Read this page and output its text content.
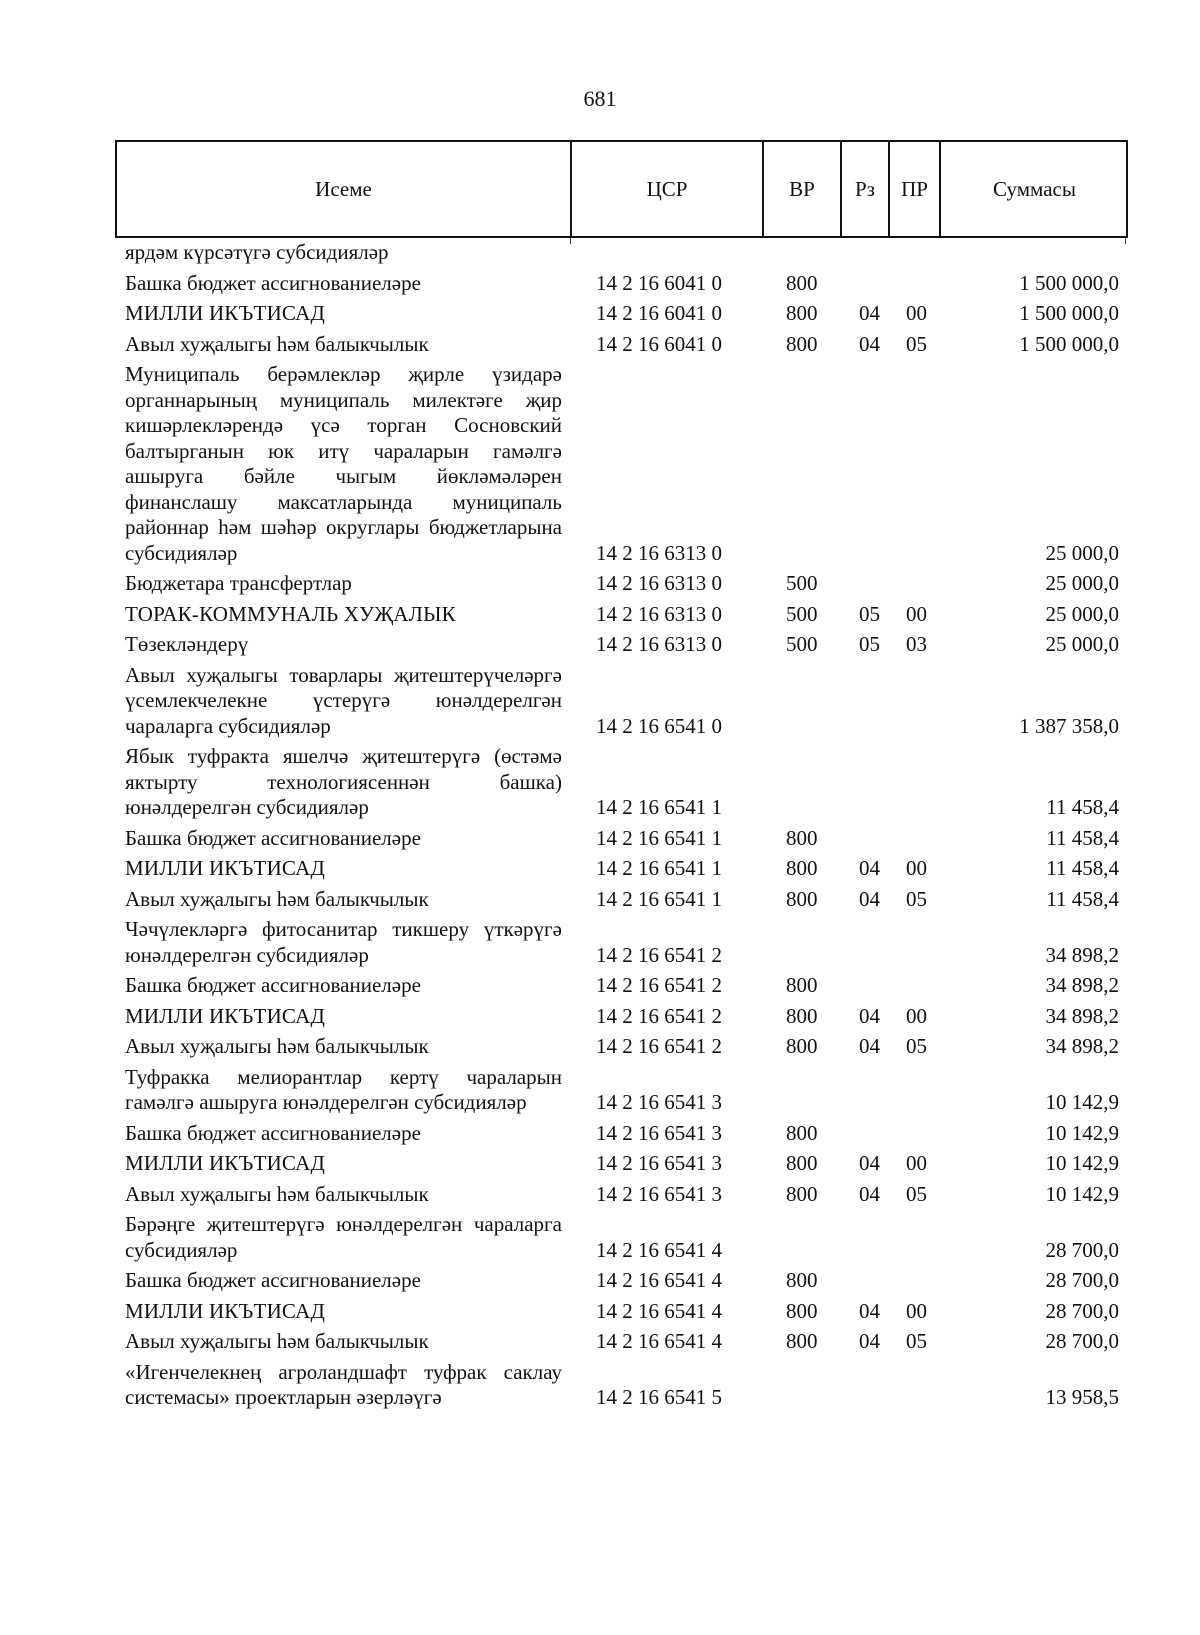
681
Исеме	ЦСР	ВР	Рз	ПР	Суммасы
ярдәм күрсәтүгә субсидияләр
Башка бюджет ассигнованиеләре	14 2 16 6041 0	800	1 500 000,0
МИЛЛИ ИКЪТИСАД	14 2 16 6041 0	800 04 00	1 500 000,0
Авыл хуҗалыгы һәм балыкчылык	14 2 16 6041 0	800 04 05	1 500 000,0
Муниципаль берәмлекләр җирле үзидарә органнарының муниципаль милектәге җир кишәрлекләрендә үсә торган Сосновский балтырганын юк итү чараларын гамәлгә ашыруга бәйле чыгым йөкләмәләрен финанслашу максатларында муниципаль районнар һәм шәһәр округлары бюджетларына субсидияләр	14 2 16 6313 0	25 000,0
Бюджетара трансфертлар	14 2 16 6313 0	500	25 000,0
ТОРАК-КОММУНАЛЬ ХУҖАЛЫК	14 2 16 6313 0	500 05 00	25 000,0
Төзекләндерү	14 2 16 6313 0	500 05 03	25 000,0
Авыл хуҗалыгы товарлары җитештерүчеләргә үсемлекчелекне үстерүгә юнәлдерелгән чараларга субсидияләр	14 2 16 6541 0	1 387 358,0
Ябык туфракта яшелчә җитештерүгә (өстәмә яктырту технологиясеннән башка) юнәлдерелгән субсидияләр	14 2 16 6541 1	11 458,4
Башка бюджет ассигнованиеләре	14 2 16 6541 1	800	11 458,4
МИЛЛИ ИКЪТИСАД	14 2 16 6541 1	800 04 00	11 458,4
Авыл хуҗалыгы һәм балыкчылык	14 2 16 6541 1	800 04 05	11 458,4
Чәчүлекләргә фитосанитар тикшеру үткәрүгә юнәлдерелгән субсидияләр	14 2 16 6541 2	34 898,2
Башка бюджет ассигнованиеләре	14 2 16 6541 2	800	34 898,2
МИЛЛИ ИКЪТИСАД	14 2 16 6541 2	800 04 00	34 898,2
Авыл хуҗалыгы һәм балыкчылык	14 2 16 6541 2	800 04 05	34 898,2
Туфракка мелиорантлар кертү чараларын гамәлгә ашыруга юнәлдерелгән субсидияләр	14 2 16 6541 3	10 142,9
Башка бюджет ассигнованиеләре	14 2 16 6541 3	800	10 142,9
МИЛЛИ ИКЪТИСАД	14 2 16 6541 3	800 04 00	10 142,9
Авыл хуҗалыгы һәм балыкчылык	14 2 16 6541 3	800 04 05	10 142,9
Бәрәңге җитештерүгә юнәлдерелгән чараларга субсидияләр	14 2 16 6541 4	28 700,0
Башка бюджет ассигнованиеләре	14 2 16 6541 4	800	28 700,0
МИЛЛИ ИКЪТИСАД	14 2 16 6541 4	800 04 00	28 700,0
Авыл хуҗалыгы һәм балыкчылык	14 2 16 6541 4	800 04 05	28 700,0
«Игенчелекнең агроландшафт туфрак саклау системасы» проектларын әзерләүгә	14 2 16 6541 5	13 958,5
